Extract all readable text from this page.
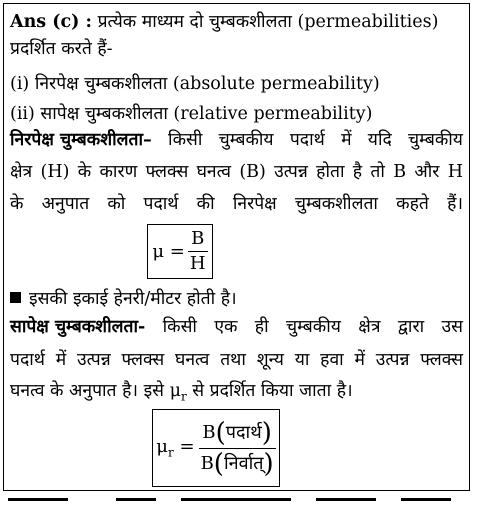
Ans (c) : प्रत्येक माध्यम दो चुम्बकशीलता (permeabilities)
प्रदर्शित करते हैं-
(i) निरपेक्ष चुम्बकशीलता (absolute permeability)
(ii) सापेक्ष चुम्बकशीलता (relative permeability)
निरपेक्ष चुम्बकशीलता– किसी चुम्बकीय पदार्थ में यदि चुम्बकीय
क्षेत्र (H) के कारण फ्लक्स घनत्व (B) उत्पन्न होता है तो B और H
के अनुपात को पदार्थ की निरपेक्ष चुम्बकशीलता कहते हैं।
$\mu = \frac{B}{H}$
इसकी इकाई हेनरी/मीटर होती है।
सापेक्ष चुम्बकशीलता- किसी एक ही चुम्बकीय क्षेत्र द्वारा उस
पदार्थ में उत्पन्न फ्लक्स घनत्व तथा शून्य या हवा में उत्पन्न फ्लक्स
घनत्व के अनुपात है। इसे $\mu_r$ से प्रदर्शित किया जाता है।
$\mu_r = \frac{\text{B(पदार्थ)}}{\text{B(निर्वात्)}}$
